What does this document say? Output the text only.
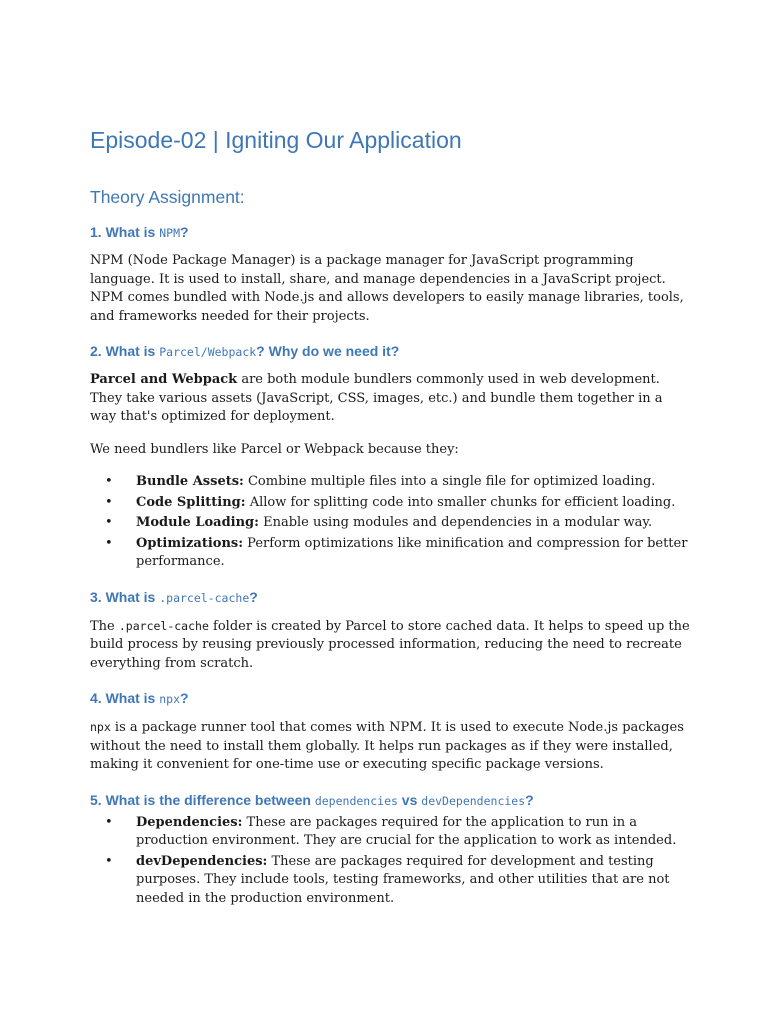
Episode-02 | Igniting Our Application
Theory Assignment:
1. What is NPM?

NPM (Node Package Manager) is a package manager for JavaScript programming language. It is used to install, share, and manage dependencies in a JavaScript project. NPM comes bundled with Node.js and allows developers to easily manage libraries, tools, and frameworks needed for their projects.

2. What is Parcel/Webpack? Why do we need it?

Parcel and Webpack are both module bundlers commonly used in web development. They take various assets (JavaScript, CSS, images, etc.) and bundle them together in a way that's optimized for deployment.

We need bundlers like Parcel or Webpack because they:

• Bundle Assets: Combine multiple files into a single file for optimized loading.
• Code Splitting: Allow for splitting code into smaller chunks for efficient loading.
• Module Loading: Enable using modules and dependencies in a modular way.
• Optimizations: Perform optimizations like minification and compression for better performance.
3. What is .parcel-cache?

The .parcel-cache folder is created by Parcel to store cached data. It helps to speed up the build process by reusing previously processed information, reducing the need to recreate everything from scratch.

4. What is npx?

npx is a package runner tool that comes with NPM. It is used to execute Node.js packages without the need to install them globally. It helps run packages as if they were installed, making it convenient for one-time use or executing specific package versions.

5. What is the difference between dependencies vs devDependencies?
• Dependencies: These are packages required for the application to run in a production environment. They are crucial for the application to work as intended.
• devDependencies: These are packages required for development and testing purposes. They include tools, testing frameworks, and other utilities that are not needed in the production environment.
